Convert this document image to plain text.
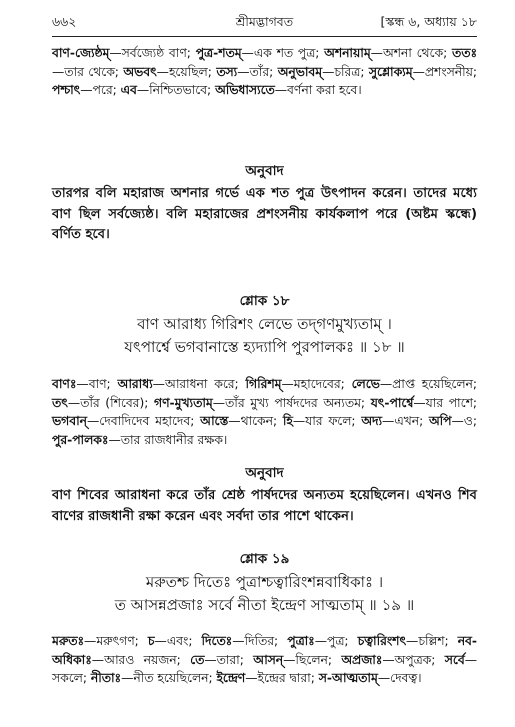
৬৬২	শ্রীমদ্ভাগবত	[স্কন্ধ ৬, অধ্যায় ১৮
বাণ-জ্যেষ্ঠম্—সর্বজ্যেষ্ঠ বাণ; পুত্র-শতম্—এক শত পুত্র; অশনায়াম্—অশনা থেকে; ততঃ—তার থেকে; অভবৎ—হয়েছিল; তস্য—তাঁর; অনুভাবম্—চরিত্র; সুশ্লোক্যম্—প্রশংসনীয়; পশ্চাৎ—পরে; এব—নিশ্চিতভাবে; অভিধাস্যতে—বর্ণনা করা হবে।
অনুবাদ
তারপর বলি মহারাজ অশনার গর্ভে এক শত পুত্র উৎপাদন করেন। তাদের মধ্যে বাণ ছিল সর্বজ্যেষ্ঠ। বলি মহারাজের প্রশংসনীয় কার্যকলাপ পরে (অষ্টম স্কন্ধে) বর্ণিত হবে।
শ্লোক ১৮
বাণ আরাধ্য গিরিশং লেভে তদ্‌গণমুখ্যতাম্ ।
যৎপার্শ্বে ভগবানাস্তে হ্যদ্যাপি পুরপালকঃ ॥ ১৮ ॥
বাণঃ—বাণ; আরাধ্য—আরাধনা করে; গিরিশম্—মহাদেবের; লেভে—প্রাপ্ত হয়েছিলেন; তৎ—তাঁর (শিবের); গণ-মুখ্যতাম্—তাঁর মুখ্য পার্ষদদের অন্যতম; যৎ-পার্শ্বে—যার পাশে; ভগবান্—দেবাদিদেব মহাদেব; আস্তে—থাকেন; হি—যার ফলে; অদ্য—এখন; অপি—ও; পুর-পালকঃ—তার রাজধানীর রক্ষক।
অনুবাদ
বাণ শিবের আরাধনা করে তাঁর শ্রেষ্ঠ পার্ষদদের অন্যতম হয়েছিলেন। এখনও শিব বাণের রাজধানী রক্ষা করেন এবং সর্বদা তার পাশে থাকেন।
শ্লোক ১৯
মরুতশ্চ দিতেঃ পুত্রাশ্চত্বারিংশন্নবাধিকাঃ ।
ত আসন্নপ্রজাঃ সর্বে নীতা ইন্দ্রেণ সাত্মতাম্ ॥ ১৯ ॥
মরুতঃ—মরুৎগণ; চ—এবং; দিতেঃ—দিতির; পুত্রাঃ—পুত্র; চত্বারিংশৎ—চল্লিশ; নব-অধিকাঃ—আরও নয়জন; তে—তারা; আসন্—ছিলেন; অপ্রজাঃ—অপুত্রক; সর্বে—সকলে; নীতাঃ—নীত হয়েছিলেন; ইন্দ্রেণ—ইন্দ্রের দ্বারা; স-আত্মতাম্—দেবত্ব।
